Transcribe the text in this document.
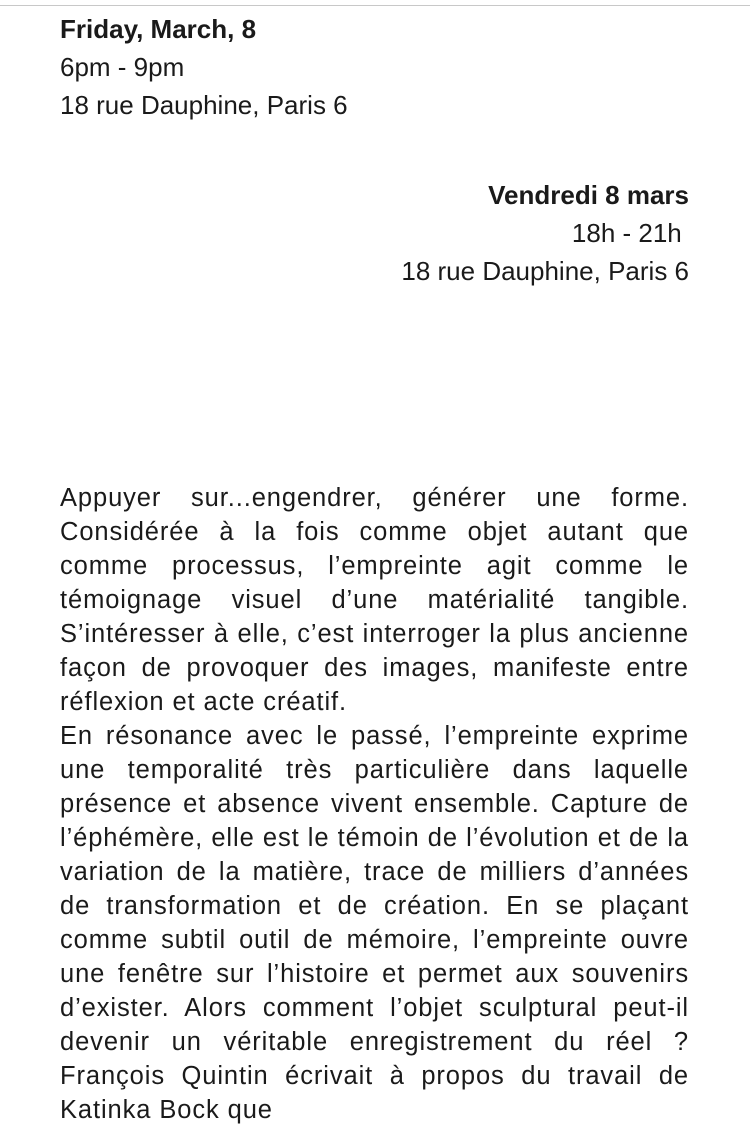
Friday, March, 8
6pm - 9pm
18 rue Dauphine, Paris 6
Vendredi 8 mars
18h - 21h
18 rue Dauphine, Paris 6

Appuyer sur...engendrer, générer une forme. Considérée à la fois comme objet autant que comme processus, l’empreinte agit comme le témoignage visuel d’une matérialité tangible. S’intéresser à elle, c’est interroger la plus ancienne façon de provoquer des images, manifeste entre réflexion et acte créatif.

En résonance avec le passé, l’empreinte exprime une temporalité très particulière dans laquelle présence et absence vivent ensemble. Capture de l’éphémère, elle est le témoin de l’évolution et de la variation de la matière, trace de milliers d’années de transformation et de création. En se plaçant comme subtil outil de mémoire, l’empreinte ouvre une fenêtre sur l’histoire et permet aux souvenirs d’exister. Alors comment l’objet sculptural peut-il devenir un véritable enregistrement du réel ? François Quintin écrivait à propos du travail de Katinka Bock que
